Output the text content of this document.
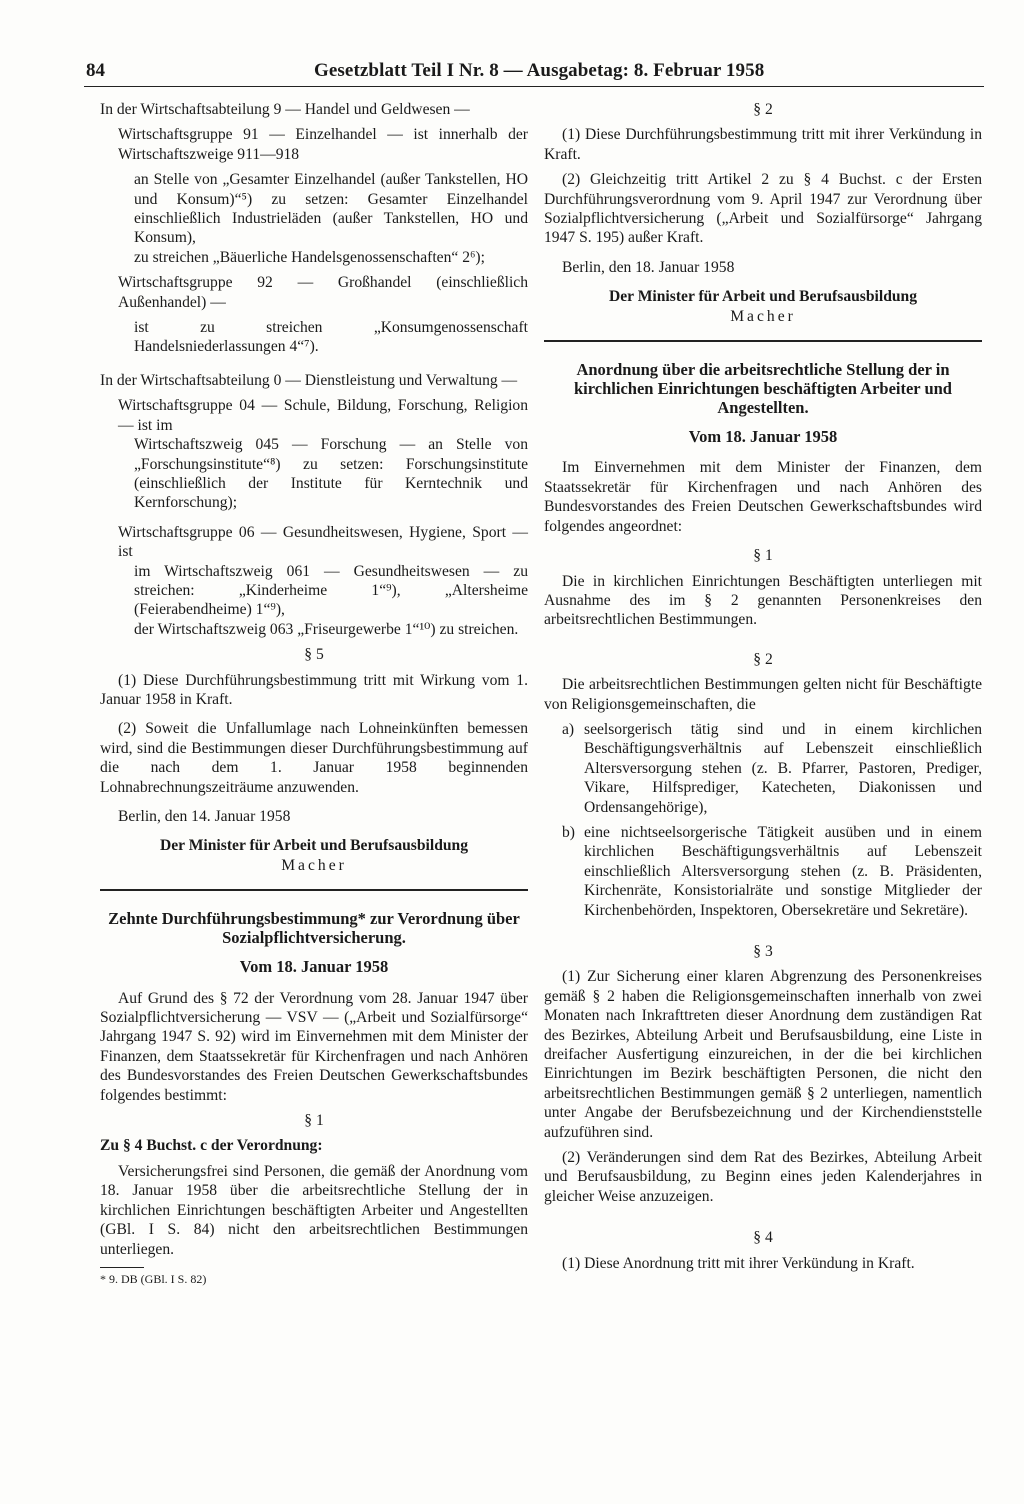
84	Gesetzblatt Teil I Nr. 8 — Ausgabetag: 8. Februar 1958

In der Wirtschaftsabteilung 9 — Handel und Geldwesen —

Wirtschaftsgruppe 91 — Einzelhandel — ist innerhalb der Wirtschaftszweige 911—918

an Stelle von „Gesamter Einzelhandel (außer Tankstellen, HO und Konsum)“⁵) zu setzen: Gesamter Einzelhandel einschließlich Industrieläden (außer Tankstellen, HO und Konsum),

zu streichen „Bäuerliche Handelsgenossenschaften“ 2⁶);

Wirtschaftsgruppe 92 — Großhandel (einschließlich Außenhandel) —

ist zu streichen „Konsumgenossenschaft Handelsniederlassungen 4“⁷).

In der Wirtschaftsabteilung 0 — Dienstleistung und Verwaltung —

Wirtschaftsgruppe 04 — Schule, Bildung, Forschung, Religion — ist im

Wirtschaftszweig 045 — Forschung — an Stelle von „Forschungsinstitute“⁸) zu setzen: Forschungsinstitute (einschließlich der Institute für Kerntechnik und Kernforschung);

Wirtschaftsgruppe 06 — Gesundheitswesen, Hygiene, Sport — ist

im Wirtschaftszweig 061 — Gesundheitswesen — zu streichen: „Kinderheime 1“⁹), „Altersheime (Feierabendheime) 1“⁹),

der Wirtschaftszweig 063 „Friseurgewerbe 1“¹⁰) zu streichen.

§ 5

(1) Diese Durchführungsbestimmung tritt mit Wirkung vom 1. Januar 1958 in Kraft.

(2) Soweit die Unfallumlage nach Lohneinkünften bemessen wird, sind die Bestimmungen dieser Durchführungsbestimmung auf die nach dem 1. Januar 1958 beginnenden Lohnabrechnungszeiträume anzuwenden.

Berlin, den 14. Januar 1958

Der Minister für Arbeit und Berufsausbildung

Macher

Zehnte Durchführungsbestimmung* zur Verordnung über Sozialpflichtversicherung.

Vom 18. Januar 1958

Auf Grund des § 72 der Verordnung vom 28. Januar 1947 über Sozialpflichtversicherung — VSV — („Arbeit und Sozialfürsorge“ Jahrgang 1947 S. 92) wird im Einvernehmen mit dem Minister der Finanzen, dem Staatssekretär für Kirchenfragen und nach Anhören des Bundesvorstandes des Freien Deutschen Gewerkschaftsbundes folgendes bestimmt:

§ 1

Zu § 4 Buchst. c der Verordnung:

Versicherungsfrei sind Personen, die gemäß der Anordnung vom 18. Januar 1958 über die arbeitsrechtliche Stellung der in kirchlichen Einrichtungen beschäftigten Arbeiter und Angestellten (GBl. I S. 84) nicht den arbeitsrechtlichen Bestimmungen unterliegen.

* 9. DB (GBl. I S. 82)

§ 2

(1) Diese Durchführungsbestimmung tritt mit ihrer Verkündung in Kraft.

(2) Gleichzeitig tritt Artikel 2 zu § 4 Buchst. c der Ersten Durchführungsverordnung vom 9. April 1947 zur Verordnung über Sozialpflichtversicherung („Arbeit und Sozialfürsorge“ Jahrgang 1947 S. 195) außer Kraft.

Berlin, den 18. Januar 1958

Der Minister für Arbeit und Berufsausbildung

Macher

Anordnung über die arbeitsrechtliche Stellung der in kirchlichen Einrichtungen beschäftigten Arbeiter und Angestellten.

Vom 18. Januar 1958

Im Einvernehmen mit dem Minister der Finanzen, dem Staatssekretär für Kirchenfragen und nach Anhören des Bundesvorstandes des Freien Deutschen Gewerkschaftsbundes wird folgendes angeordnet:

§ 1

Die in kirchlichen Einrichtungen Beschäftigten unterliegen mit Ausnahme des im § 2 genannten Personenkreises den arbeitsrechtlichen Bestimmungen.

§ 2

Die arbeitsrechtlichen Bestimmungen gelten nicht für Beschäftigte von Religionsgemeinschaften, die

a) seelsorgerisch tätig sind und in einem kirchlichen Beschäftigungsverhältnis auf Lebenszeit einschließlich Altersversorgung stehen (z. B. Pfarrer, Pastoren, Prediger, Vikare, Hilfsprediger, Katecheten, Diakonissen und Ordensangehörige),
b) eine nichtseelsorgerische Tätigkeit ausüben und in einem kirchlichen Beschäftigungsverhältnis auf Lebenszeit einschließlich Altersversorgung stehen (z. B. Präsidenten, Kirchenräte, Konsistorialräte und sonstige Mitglieder der Kirchenbehörden, Inspektoren, Obersekretäre und Sekretäre).

§ 3

(1) Zur Sicherung einer klaren Abgrenzung des Personenkreises gemäß § 2 haben die Religionsgemeinschaften innerhalb von zwei Monaten nach Inkrafttreten dieser Anordnung dem zuständigen Rat des Bezirkes, Abteilung Arbeit und Berufsausbildung, eine Liste in dreifacher Ausfertigung einzureichen, in der die bei kirchlichen Einrichtungen im Bezirk beschäftigten Personen, die nicht den arbeitsrechtlichen Bestimmungen gemäß § 2 unterliegen, namentlich unter Angabe der Berufsbezeichnung und der Kirchendienststelle aufzuführen sind.

(2) Veränderungen sind dem Rat des Bezirkes, Abteilung Arbeit und Berufsausbildung, zu Beginn eines jeden Kalenderjahres in gleicher Weise anzuzeigen.

§ 4

(1) Diese Anordnung tritt mit ihrer Verkündung in Kraft.
